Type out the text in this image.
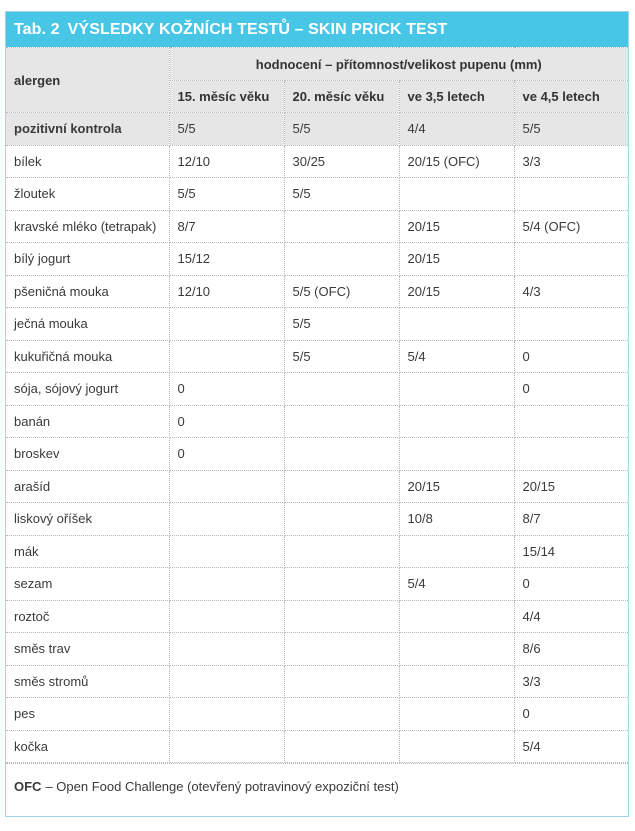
Tab. 2 VÝSLEDKY KOŽNÍCH TESTŮ – SKIN PRICK TEST
alergen	hodnocení – přítomnost/velikost pupenu (mm)			
	15. měsíc věku	20. měsíc věku	ve 3,5 letech	ve 4,5 letech
pozitivní kontrola	5/5	5/5	4/4	5/5
bílek	12/10	30/25	20/15 (OFC)	3/3
žloutek	5/5	5/5		
kravské mléko (tetrapak)	8/7		20/15	5/4 (OFC)
bílý jogurt	15/12		20/15	
pšeničná mouka	12/10	5/5 (OFC)	20/15	4/3
ječná mouka		5/5		
kukuřičná mouka		5/5	5/4	0
sója, sójový jogurt	0			0
banán	0			
broskev	0			
arašíd			20/15	20/15
liskový oříšek			10/8	8/7
mák				15/14
sezam			5/4	0
roztoč				4/4
směs trav				8/6
směs stromů				3/3
pes				0
kočka				5/4
OFC – Open Food Challenge (otevřený potravinový expoziční test)
